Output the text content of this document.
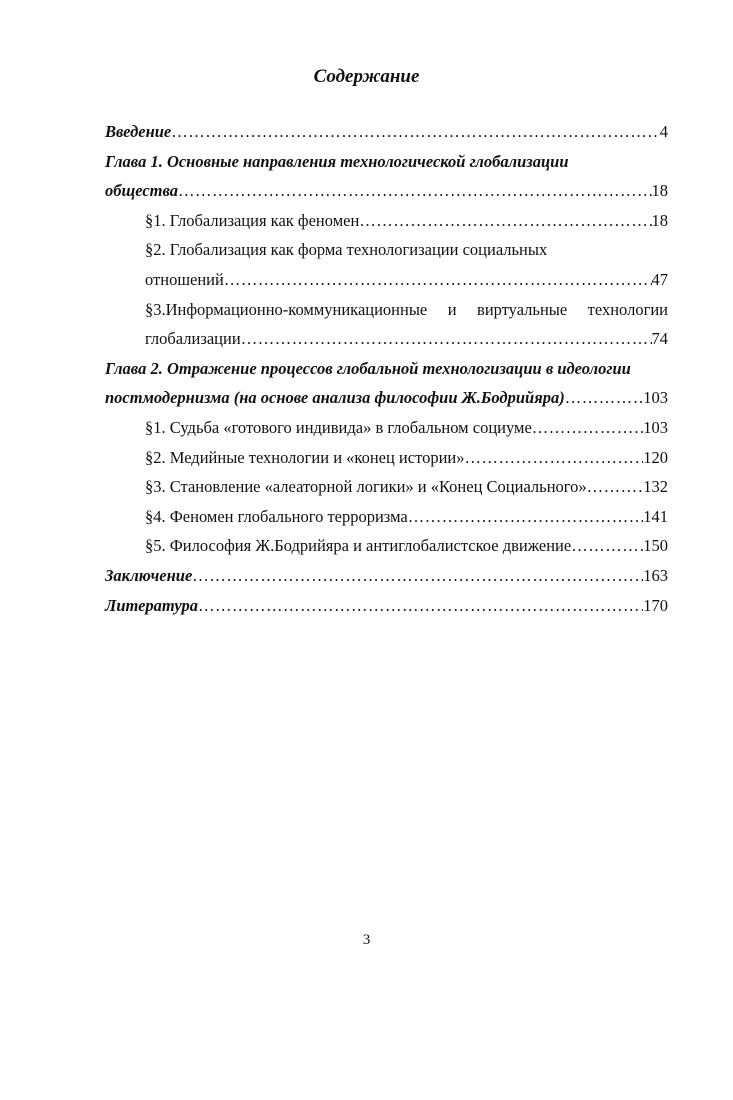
Содержание
Введение …………………………………………………………………………………………………………………………………………………………………………	4
Глава 1. Основные направления технологической глобализации
общества …………………………………………………………………………………………………………………………………………………………………………	18
§1. Глобализация как феномен …………………………………………………………………………………………………………………………………………………………………………	18
§2. Глобализация как форма технологизации социальных
отношений …………………………………………………………………………………………………………………………………………………………………………	47
§3.Информационно-коммуникационные и виртуальные технологии
глобализации …………………………………………………………………………………………………………………………………………………………………………	74
Глава 2. Отражение процессов глобальной технологизации в идеологии
постмодернизма (на основе анализа философии Ж.Бодрийяра) …………………………………………………………………………………………………………………………………………………………………………	103
§1. Судьба «готового индивида» в глобальном социуме …………………………………………………………………………………………………………………………………………………………………………	103
§2. Медийные технологии и «конец истории» …………………………………………………………………………………………………………………………………………………………………………	120
§3. Становление «алеаторной логики» и «Конец Социального» …………………………………………………………………………………………………………………………………………………………………………	132
§4. Феномен глобального терроризма …………………………………………………………………………………………………………………………………………………………………………	141
§5. Философия Ж.Бодрийяра и антиглобалистское движение …………………………………………………………………………………………………………………………………………………………………………	150
Заключение …………………………………………………………………………………………………………………………………………………………………………	163
Литература …………………………………………………………………………………………………………………………………………………………………………	170
3
